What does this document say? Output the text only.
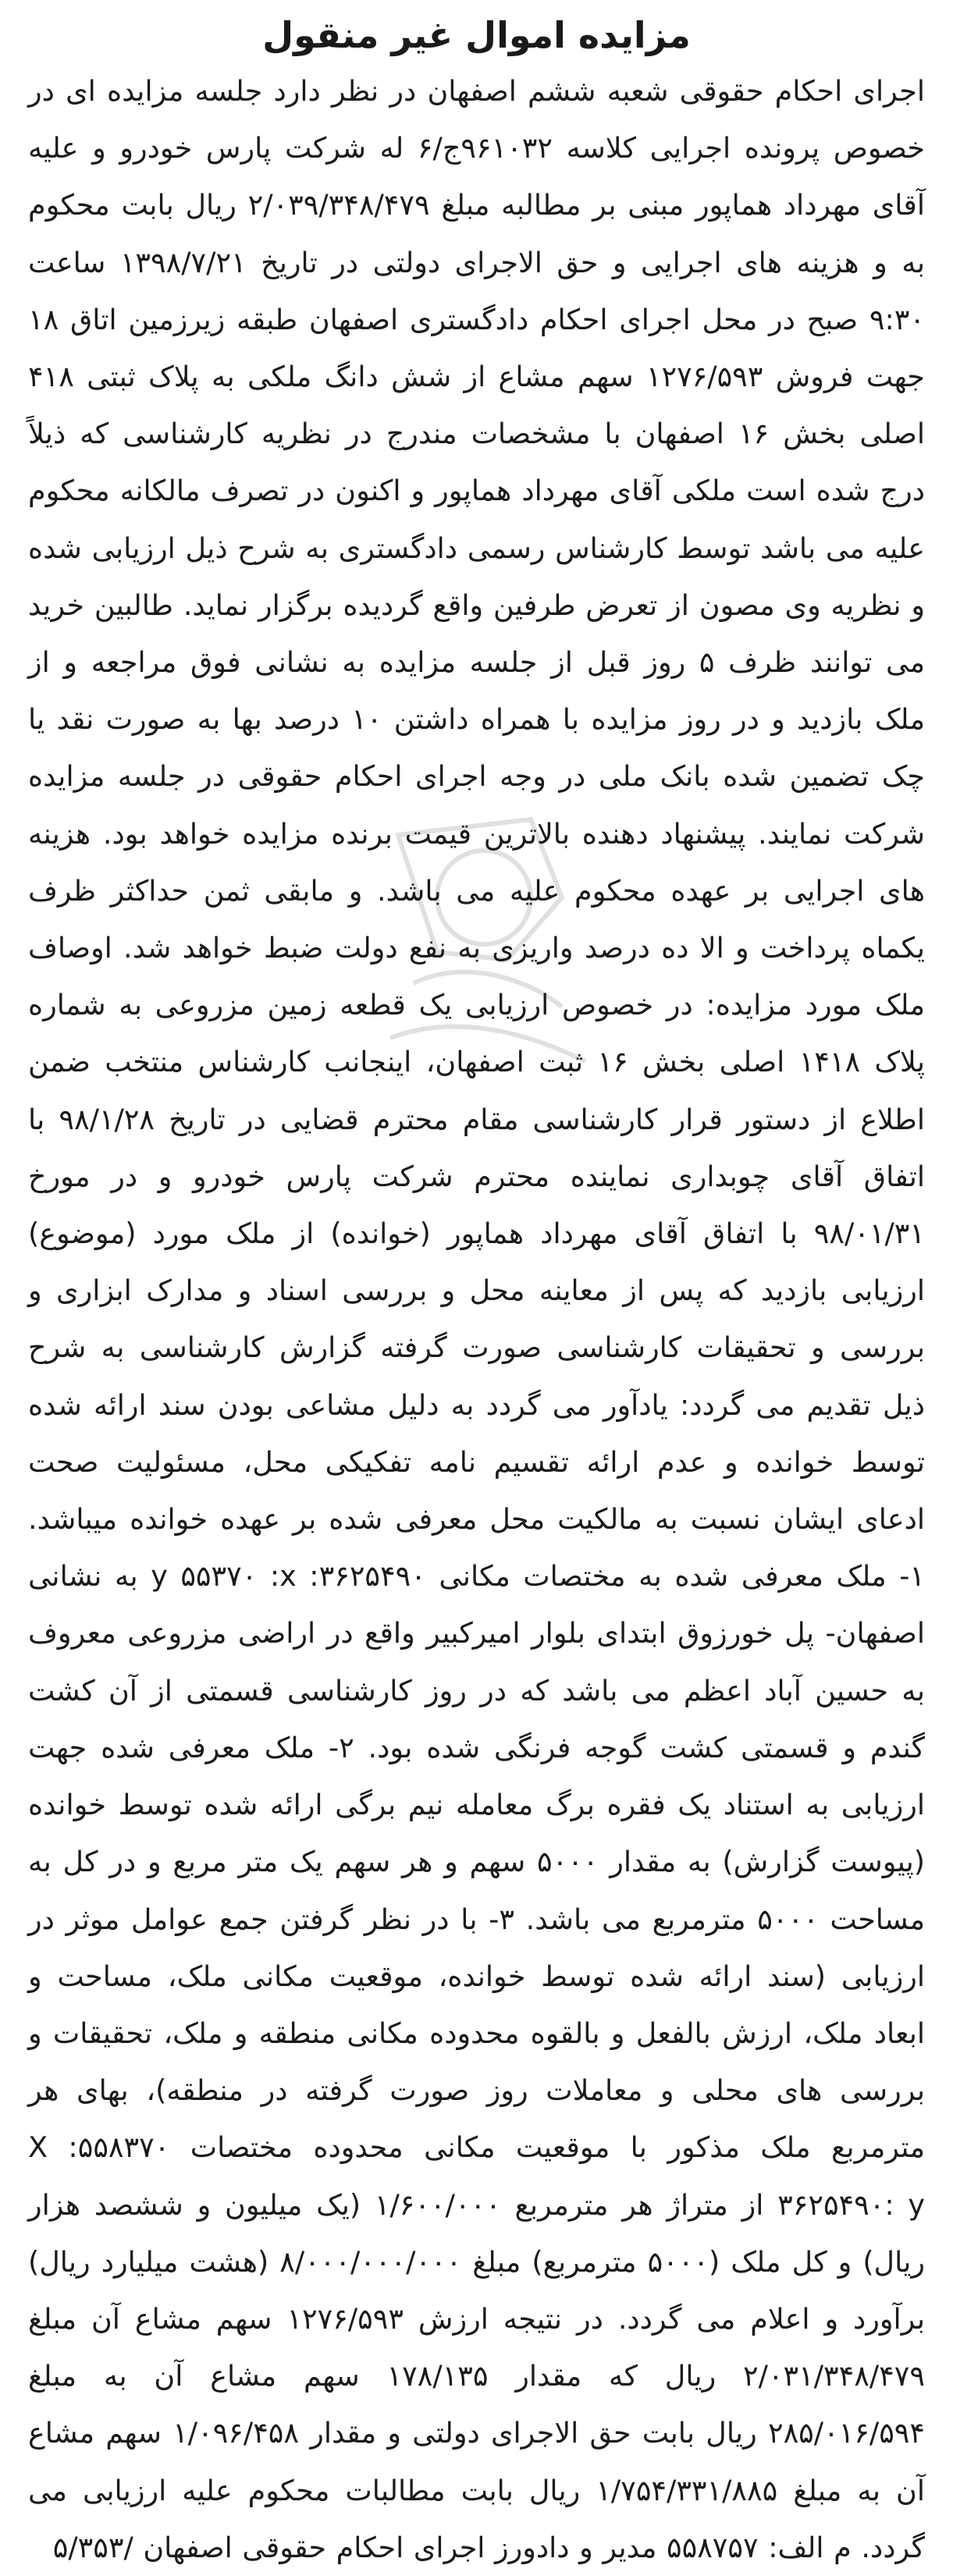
مزایده اموال غیر منقول

اجرای احکام حقوقی شعبه ششم اصفهان در نظر دارد جلسه مزایده ای در خصوص پرونده اجرایی کلاسه ۹۶۱۰۳۲ج/۶ له شرکت پارس خودرو و علیه آقای مهرداد هماپور مبنی بر مطالبه مبلغ ۲/۰۳۹/۳۴۸/۴۷۹ ریال بابت محکوم به و هزینه های اجرایی و حق الاجرای دولتی در تاریخ ۱۳۹۸/۷/۲۱ ساعت ۹:۳۰ صبح در محل اجرای احکام دادگستری اصفهان طبقه زیرزمین اتاق ۱۸ جهت فروش ۱۲۷۶/۵۹۳ سهم مشاع از شش دانگ ملکی به پلاک ثبتی ۴۱۸ اصلی بخش ۱۶ اصفهان با مشخصات مندرج در نظریه کارشناسی که ذیلاً درج شده است ملکی آقای مهرداد هماپور و اکنون در تصرف مالکانه محکوم علیه می باشد توسط کارشناس رسمی دادگستری به شرح ذیل ارزیابی شده و نظریه وی مصون از تعرض طرفین واقع گردیده برگزار نماید. طالبین خرید می توانند ظرف ۵ روز قبل از جلسه مزایده به نشانی فوق مراجعه و از ملک بازدید و در روز مزایده با همراه داشتن ۱۰ درصد بها به صورت نقد یا چک تضمین شده بانک ملی در وجه اجرای احکام حقوقی در جلسه مزایده شرکت نمایند. پیشنهاد دهنده بالاترین قیمت برنده مزایده خواهد بود. هزینه های اجرایی بر عهده محکوم علیه می باشد. و مابقی ثمن حداکثر ظرف یکماه پرداخت و الا ده درصد واریزی به نفع دولت ضبط خواهد شد. اوصاف ملک مورد مزایده: در خصوص ارزیابی یک قطعه زمین مزروعی به شماره پلاک ۱۴۱۸ اصلی بخش ۱۶ ثبت اصفهان، اینجانب کارشناس منتخب ضمن اطلاع از دستور قرار کارشناسی مقام محترم قضایی در تاریخ ۹۸/۱/۲۸ با اتفاق آقای چوبداری نماینده محترم شرکت پارس خودرو و در مورخ ۹۸/۰۱/۳۱ با اتفاق آقای مهرداد هماپور (خوانده) از ملک مورد (موضوع) ارزیابی بازدید که پس از معاینه محل و بررسی اسناد و مدارک ابزاری و بررسی و تحقیقات کارشناسی صورت گرفته گزارش کارشناسی به شرح ذیل تقدیم می گردد: یادآور می گردد به دلیل مشاعی بودن سند ارائه شده توسط خوانده و عدم ارائه تقسیم نامه تفکیکی محل، مسئولیت صحت ادعای ایشان نسبت به مالکیت محل معرفی شده بر عهده خوانده میباشد. ۱- ملک معرفی شده به مختصات مکانی ۳۶۲۵۴۹۰: y ۵۵۳۷۰ :x به نشانی اصفهان- پل خورزوق ابتدای بلوار امیرکبیر واقع در اراضی مزروعی معروف به حسین آباد اعظم می باشد که در روز کارشناسی قسمتی از آن کشت گندم و قسمتی کشت گوجه فرنگی شده بود. ۲- ملک معرفی شده جهت ارزیابی به استناد یک فقره برگ معامله نیم برگی ارائه شده توسط خوانده (پیوست گزارش) به مقدار ۵۰۰۰ سهم و هر سهم یک متر مربع و در کل به مساحت ۵۰۰۰ مترمربع می باشد. ۳- با در نظر گرفتن جمع عوامل موثر در ارزیابی (سند ارائه شده توسط خوانده، موقعیت مکانی ملک، مساحت و ابعاد ملک، ارزش بالفعل و بالقوه محدوده مکانی منطقه و ملک، تحقیقات و بررسی های محلی و معاملات روز صورت گرفته در منطقه)، بهای هر مترمربع ملک مذکور با موقعیت مکانی محدوده مختصات ۵۵۸۳۷۰: X ۳۶۲۵۴۹۰: y از متراژ هر مترمربع ۱/۶۰۰/۰۰۰ (یک میلیون و ششصد هزار ریال) و کل ملک (۵۰۰۰ مترمربع) مبلغ ۸/۰۰۰/۰۰۰/۰۰۰ (هشت میلیارد ریال) برآورد و اعلام می گردد. در نتیجه ارزش ۱۲۷۶/۵۹۳ سهم مشاع آن مبلغ ۲/۰۳۱/۳۴۸/۴۷۹ ریال که مقدار ۱۷۸/۱۳۵ سهم مشاع آن به مبلغ ۲۸۵/۰۱۶/۵۹۴ ریال بابت حق الاجرای دولتی و مقدار ۱/۰۹۶/۴۵۸ سهم مشاع آن به مبلغ ۱/۷۵۴/۳۳۱/۸۸۵ ریال بابت مطالبات محکوم علیه ارزیابی می گردد. م الف: ۵۵۸۷۵۷ مدیر و دادورز اجرای احکام حقوقی اصفهان /۵/۳۵۳
